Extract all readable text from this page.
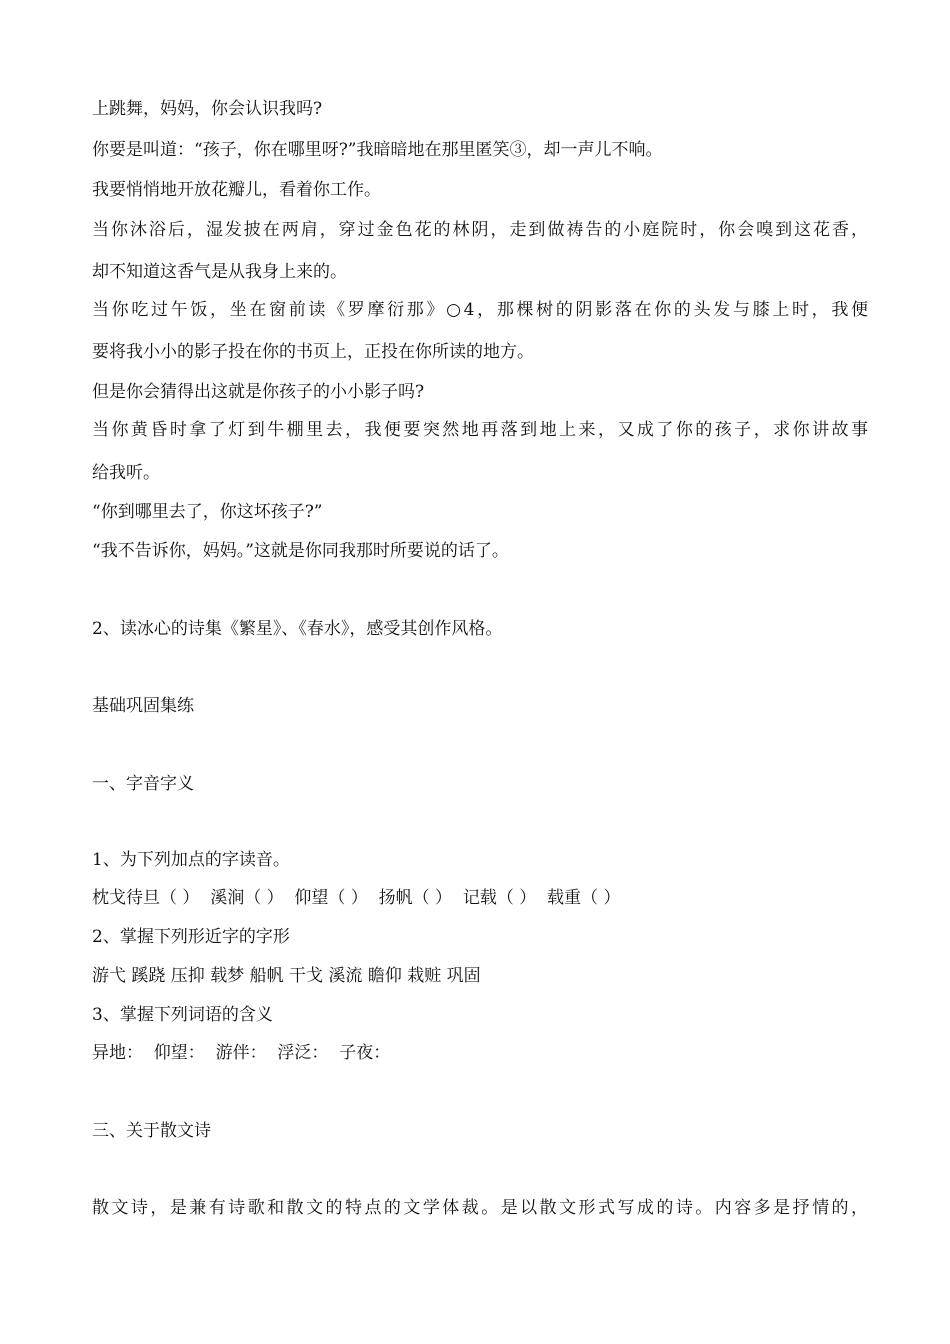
上跳舞，妈妈，你会认识我吗?
你要是叫道：“孩子，你在哪里呀?”我暗暗地在那里匿笑③，却一声儿不响。
我要悄悄地开放花瓣儿，看着你工作。
当你沐浴后，湿发披在两肩，穿过金色花的林阴，走到做祷告的小庭院时，你会嗅到这花香，
却不知道这香气是从我身上来的。
当你吃过午饭，坐在窗前读《罗摩衍那》○4，那棵树的阴影落在你的头发与膝上时，我便
要将我小小的影子投在你的书页上，正投在你所读的地方。
但是你会猜得出这就是你孩子的小小影子吗?
当你黄昏时拿了灯到牛棚里去，我便要突然地再落到地上来，又成了你的孩子，求你讲故事
给我听。
“你到哪里去了，你这坏孩子?”
“我不告诉你，妈妈。”这就是你同我那时所要说的话了。
2、读冰心的诗集《繁星》、《春水》，感受其创作风格。
基础巩固集练
一、字音字义
1、为下列加点的字读音。
枕戈待旦（ ）  溪涧（ ）  仰望（ ）  扬帆（ ）  记载（ ）  载重（ ）
2、掌握下列形近字的字形
游弋 蹊跷 压抑 载梦 船帆 干戈 溪流 瞻仰 栽赃 巩固
3、掌握下列词语的含义
异地：  仰望：  游伴：  浮泛：  子夜：
三、关于散文诗
散文诗，是兼有诗歌和散文的特点的文学体裁。是以散文形式写成的诗。内容多是抒情的，
